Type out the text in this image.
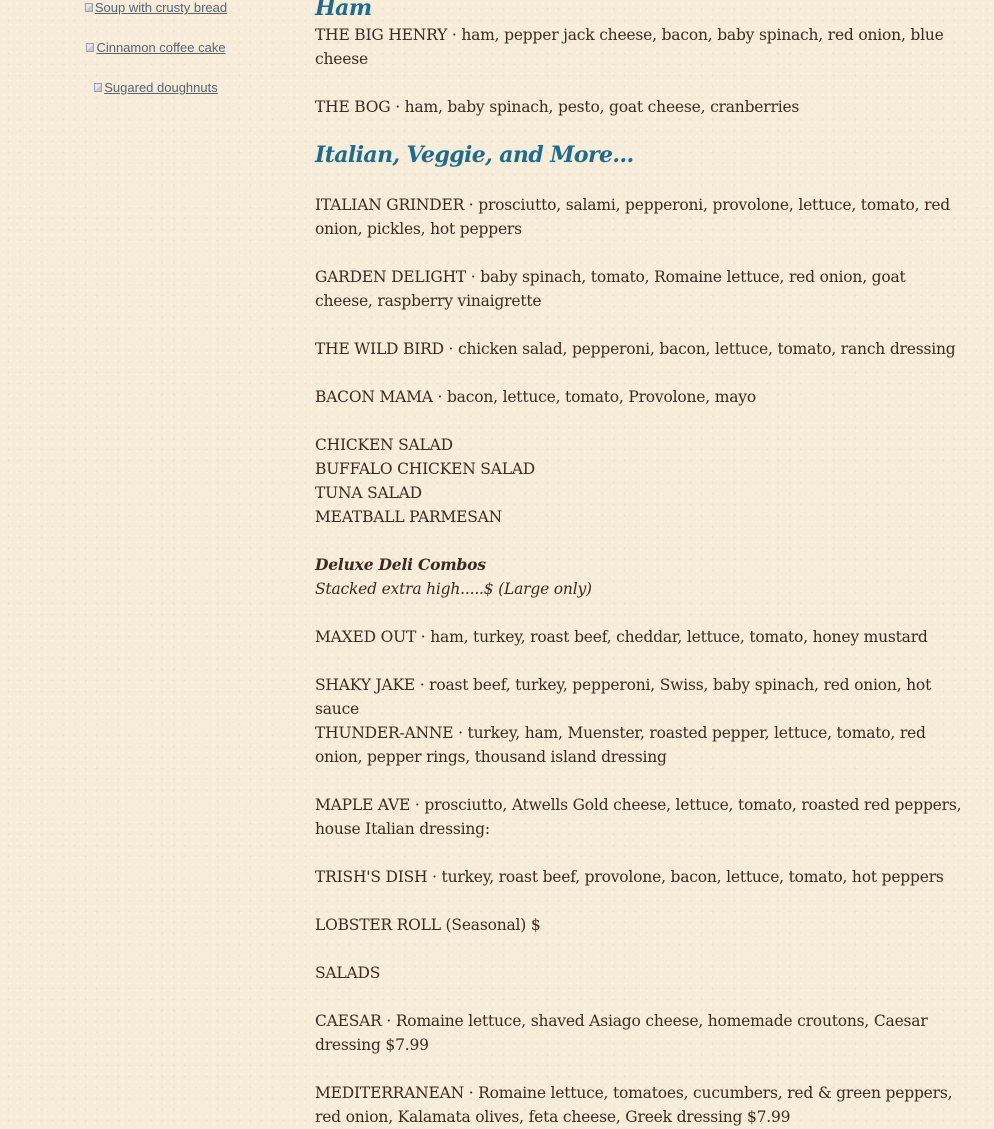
Soup with crusty bread
Cinnamon coffee cake
Sugared doughnuts

Ham

THE BIG HENRY · ham, pepper jack cheese, bacon, baby spinach, red onion, blue cheese

THE BOG · ham, baby spinach, pesto, goat cheese, cranberries

Italian, Veggie, and More...

ITALIAN GRINDER · prosciutto, salami, pepperoni, provolone, lettuce, tomato, red onion, pickles, hot peppers

GARDEN DELIGHT · baby spinach, tomato, Romaine lettuce, red onion, goat cheese, raspberry vinaigrette

THE WILD BIRD · chicken salad, pepperoni, bacon, lettuce, tomato, ranch dressing

BACON MAMA · bacon, lettuce, tomato, Provolone, mayo

CHICKEN SALAD

BUFFALO CHICKEN SALAD

TUNA SALAD

MEATBALL PARMESAN

Deluxe Deli Combos

Stacked extra high.....$ (Large only)

MAXED OUT · ham, turkey, roast beef, cheddar, lettuce, tomato, honey mustard

SHAKY JAKE · roast beef, turkey, pepperoni, Swiss, baby spinach, red onion, hot sauce

THUNDER-ANNE · turkey, ham, Muenster, roasted pepper, lettuce, tomato, red onion, pepper rings, thousand island dressing

MAPLE AVE · prosciutto, Atwells Gold cheese, lettuce, tomato, roasted red peppers, house Italian dressing:

TRISH'S DISH · turkey, roast beef, provolone, bacon, lettuce, tomato, hot peppers

LOBSTER ROLL (Seasonal) $

SALADS

CAESAR · Romaine lettuce, shaved Asiago cheese, homemade croutons, Caesar dressing $7.99

MEDITERRANEAN · Romaine lettuce, tomatoes, cucumbers, red & green peppers, red onion, Kalamata olives, feta cheese, Greek dressing $7.99
